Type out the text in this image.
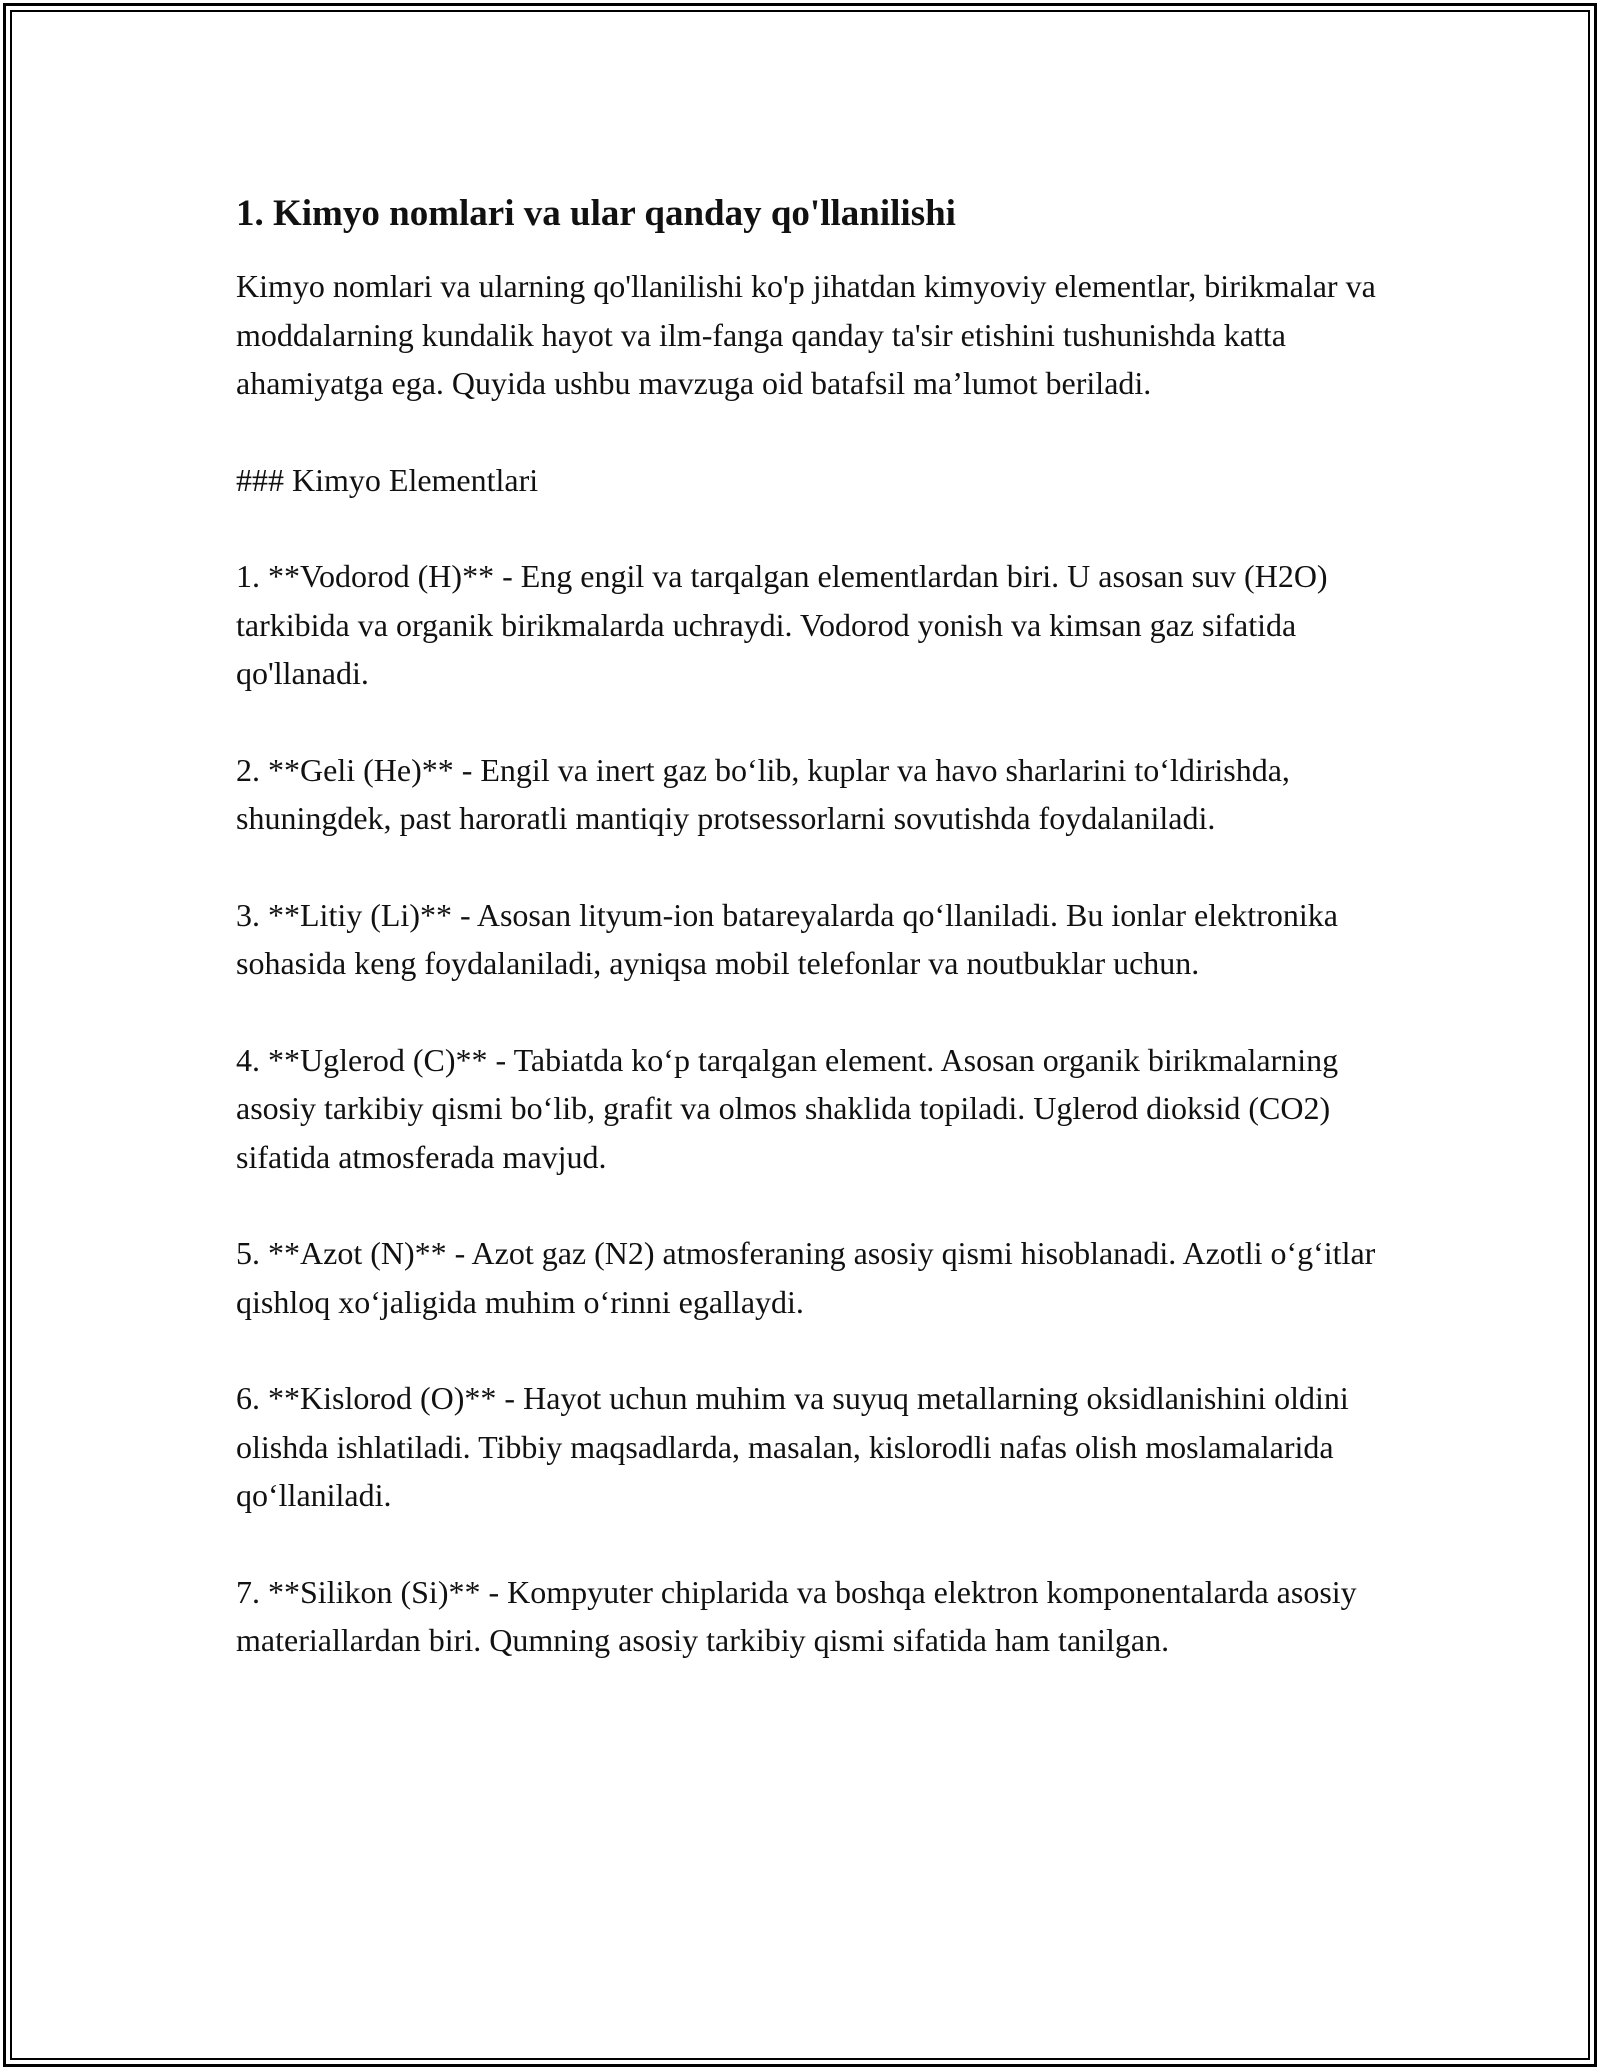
1. Kimyo nomlari va ular qanday qo'llanilishi

Kimyo nomlari va ularning qo'llanilishi ko'p jihatdan kimyoviy elementlar, birikmalar va moddalarning kundalik hayot va ilm-fanga qanday ta'sir etishini tushunishda katta ahamiyatga ega. Quyida ushbu mavzuga oid batafsil ma’lumot beriladi.

### Kimyo Elementlari

1. **Vodorod (H)** - Eng engil va tarqalgan elementlardan biri. U asosan suv (H2O) tarkibida va organik birikmalarda uchraydi. Vodorod yonish va kimsan gaz sifatida qo'llanadi.

2. **Geli (He)** - Engil va inert gaz bo‘lib, kuplar va havo sharlarini to‘ldirishda, shuningdek, past haroratli mantiqiy protsessorlarni sovutishda foydalaniladi.

3. **Litiy (Li)** - Asosan lityum-ion batareyalarda qo‘llaniladi. Bu ionlar elektronika sohasida keng foydalaniladi, ayniqsa mobil telefonlar va noutbuklar uchun.

4. **Uglerod (C)** - Tabiatda ko‘p tarqalgan element. Asosan organik birikmalarning asosiy tarkibiy qismi bo‘lib, grafit va olmos shaklida topiladi. Uglerod dioksid (CO2) sifatida atmosferada mavjud.

5. **Azot (N)** - Azot gaz (N2) atmosferaning asosiy qismi hisoblanadi. Azotli o‘g‘itlar qishloq xo‘jaligida muhim o‘rinni egallaydi.

6. **Kislorod (O)** - Hayot uchun muhim va suyuq metallarning oksidlanishini oldini olishda ishlatiladi. Tibbiy maqsadlarda, masalan, kislorodli nafas olish moslamalarida qo‘llaniladi.

7. **Silikon (Si)** - Kompyuter chiplarida va boshqa elektron komponentalarda asosiy materiallardan biri. Qumning asosiy tarkibiy qismi sifatida ham tanilgan.
